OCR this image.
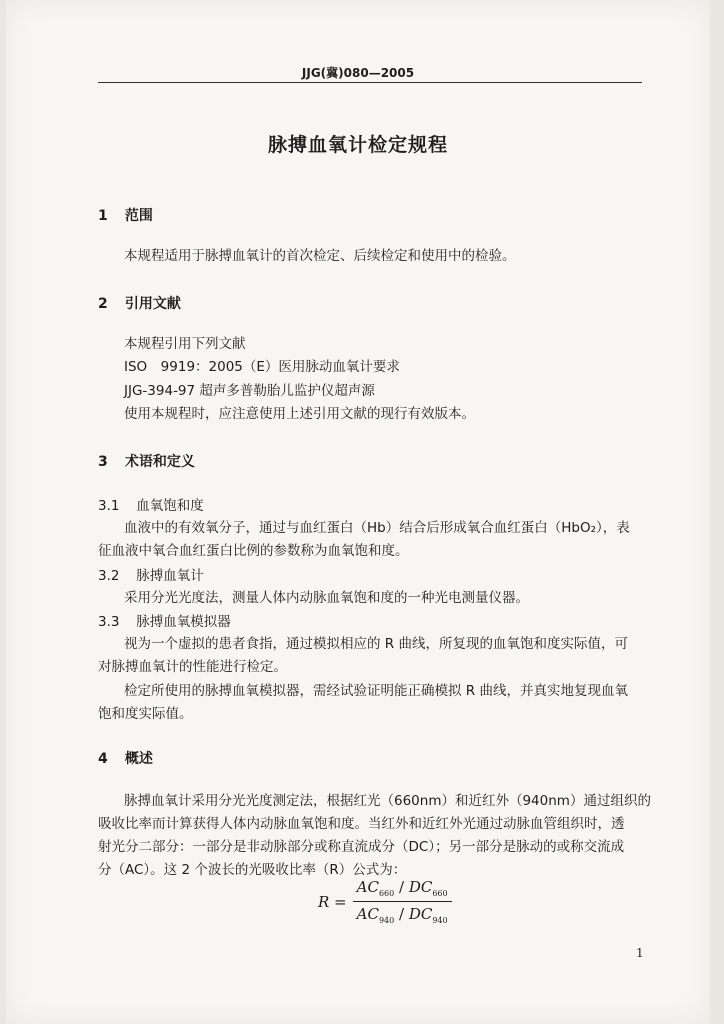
JJG(冀)080—2005
脉搏血氧计检定规程
1 范围
本规程适用于脉搏血氧计的首次检定、后续检定和使用中的检验。
2 引用文献
本规程引用下列文献
ISO　9919：2005（E）医用脉动血氧计要求
JJG-394-97 超声多普勒胎儿监护仪超声源
使用本规程时，应注意使用上述引用文献的现行有效版本。
3 术语和定义
3.1 血氧饱和度
血液中的有效氧分子，通过与血红蛋白（Hb）结合后形成氧合血红蛋白（HbO₂），表
征血液中氧合血红蛋白比例的参数称为血氧饱和度。
3.2 脉搏血氧计
采用分光光度法，测量人体内动脉血氧饱和度的一种光电测量仪器。
3.3 脉搏血氧模拟器
视为一个虚拟的患者食指，通过模拟相应的 R 曲线，所复现的血氧饱和度实际值，可
对脉搏血氧计的性能进行检定。
检定所使用的脉搏血氧模拟器，需经试验证明能正确模拟 R 曲线，并真实地复现血氧
饱和度实际值。
4 概述
脉搏血氧计采用分光光度测定法，根据红光（660nm）和近红外（940nm）通过组织的
吸收比率而计算获得人体内动脉血氧饱和度。当红外和近红外光通过动脉血管组织时，透
射光分二部分：一部分是非动脉部分或称直流成分（DC）；另一部分是脉动的或称交流成
分（AC）。这 2 个波长的光吸收比率（R）公式为：
$R = \frac{AC_{660} / DC_{660}}{AC_{940} / DC_{940}}$
1
